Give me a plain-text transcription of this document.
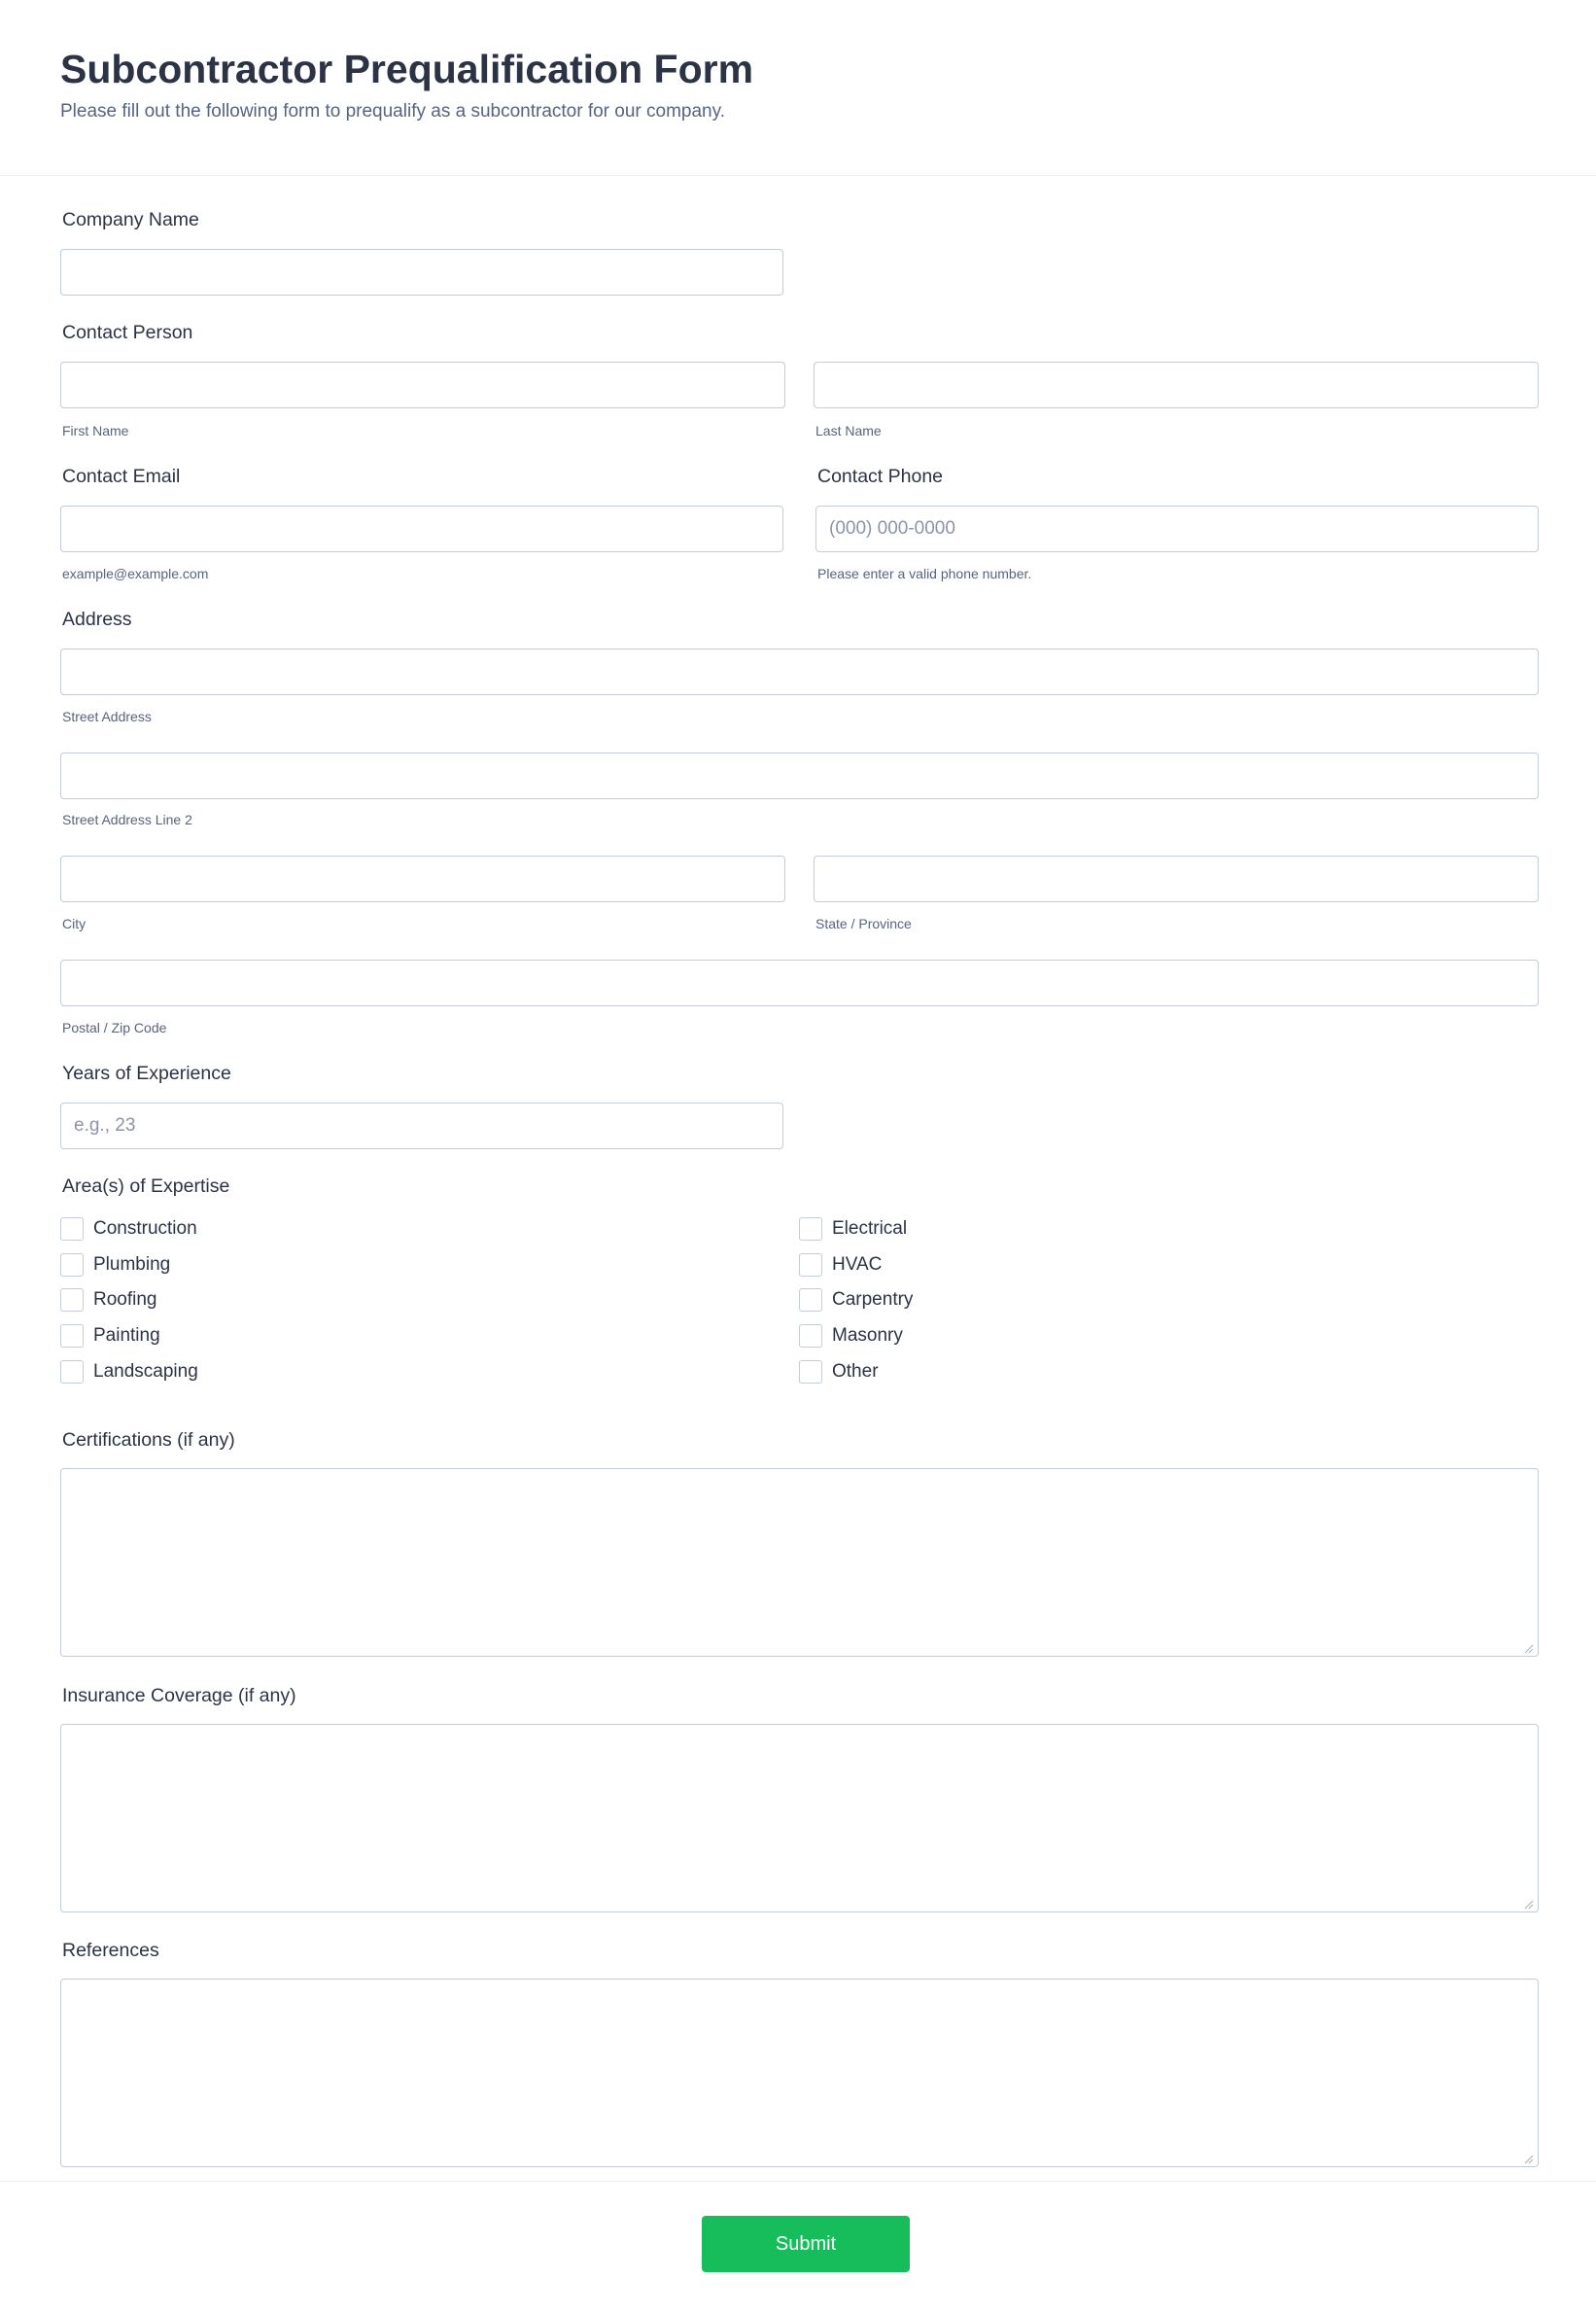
Subcontractor Prequalification Form
Please fill out the following form to prequalify as a subcontractor for our company.
Company Name
Contact Person
First Name	Last Name
Contact Email
example@example.com
Contact Phone
(000) 000-0000
Please enter a valid phone number.
Address
Street Address
Street Address Line 2
City	State / Province
Postal / Zip Code
Years of Experience
e.g., 23
Area(s) of Expertise
Construction	Electrical
Plumbing	HVAC
Roofing	Carpentry
Painting	Masonry
Landscaping	Other
Certifications (if any)
Insurance Coverage (if any)
References
Submit
